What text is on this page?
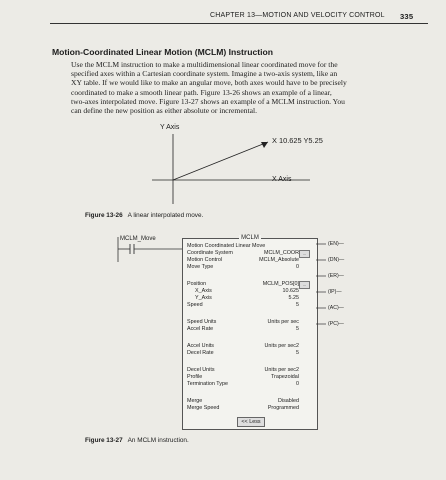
CHAPTER 13—MOTION AND VELOCITY CONTROL 335
Motion-Coordinated Linear Motion (MCLM) Instruction
Use the MCLM instruction to make a multidimensional linear coordinated move for the
specified axes within a Cartesian coordinate system. Imagine a two-axis system, like an
XY table. If we would like to make an angular move, both axes would have to be precisely
coordinated to make a smooth linear path. Figure 13-26 shows an example of a linear,
two-axes interpolated move. Figure 13-27 shows an example of a MCLM instruction. You
can define the new position as either absolute or incremental.
Y Axis
X 10.625 Y5.25
X Axis
Figure 13-26 A linear interpolated move.
MCLM_Move	MCLM
Motion Coordinated Linear Move
Coordinate System	MCLM_COOR ...
Motion Control	MCLM_Absolute
Move Type	0
Position	MCLM_POS[0] ...
X_Axis	10.625
Y_Axis	5.25
Speed	5
Speed Units	Units per sec
Accel Rate	5
Accel Units	Units per sec2
Decel Rate	5
Decel Units	Units per sec2
Profile	Trapezoidal
Termination Type	0
Merge	Disabled
Merge Speed	Programmed
<< Less
(EN)—
(DN)—
(ER)—
(IP)—
(AC)—
(PC)—
Figure 13-27 An MCLM instruction.
